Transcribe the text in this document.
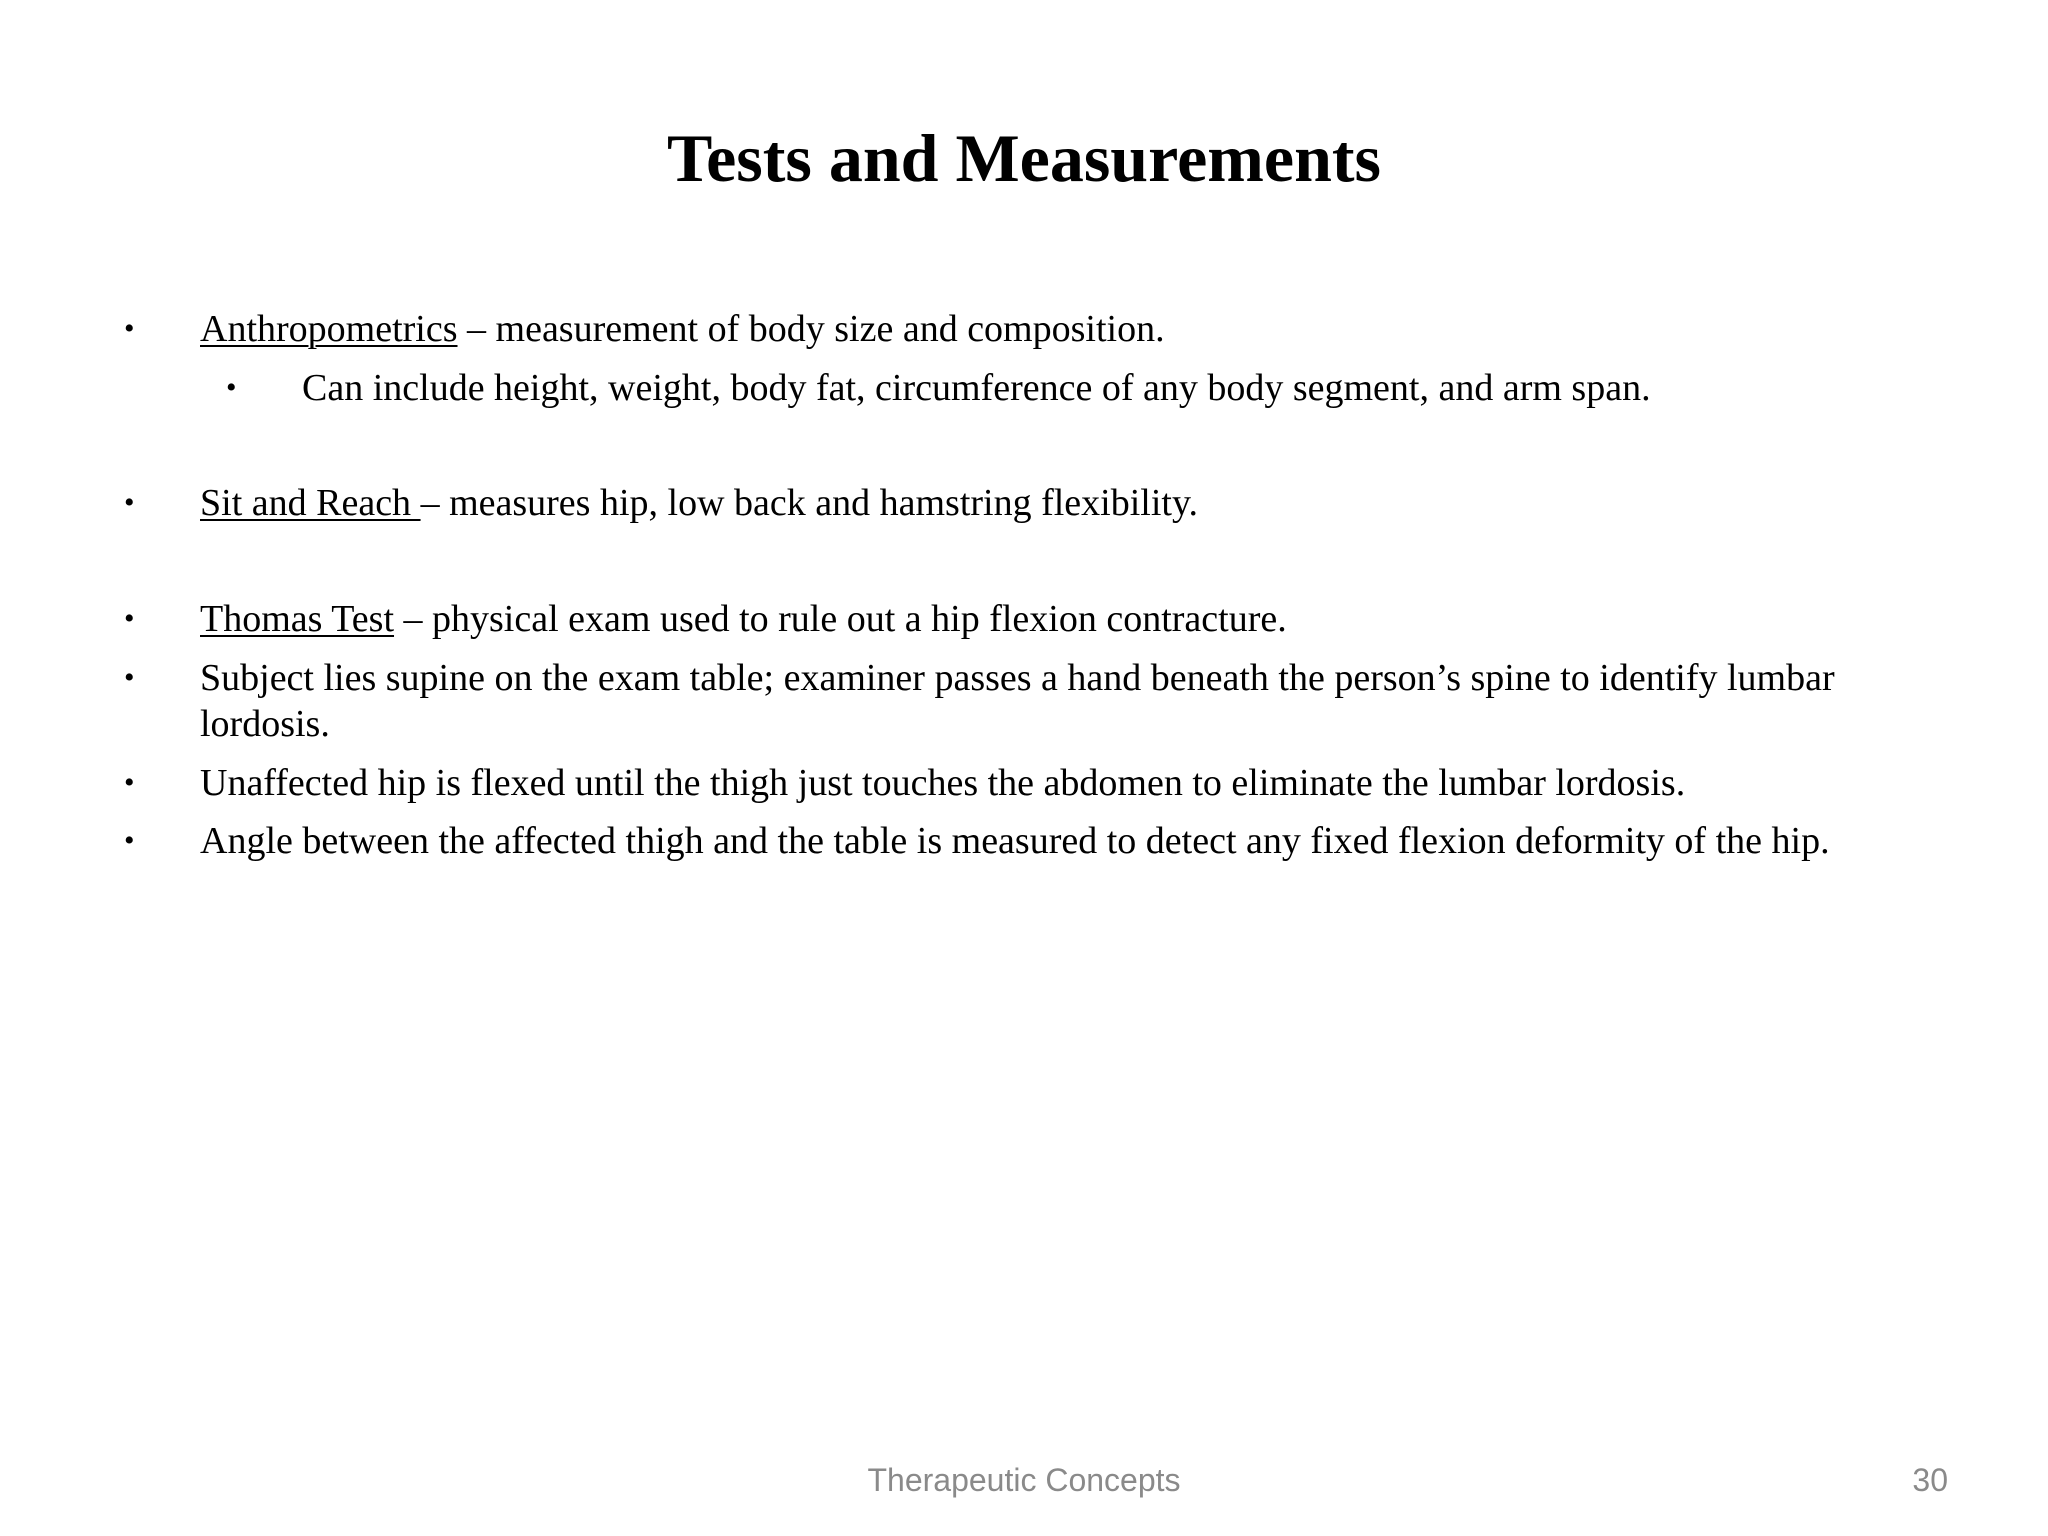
Tests and Measurements
• Anthropometrics – measurement of body size and composition.
• Can include height, weight, body fat, circumference of any body segment, and arm span.
• Sit and Reach – measures hip, low back and hamstring flexibility.
• Thomas Test – physical exam used to rule out a hip flexion contracture.
• Subject lies supine on the exam table; examiner passes a hand beneath the person’s spine to identify lumbar lordosis.
• Unaffected hip is flexed until the thigh just touches the abdomen to eliminate the lumbar lordosis.
• Angle between the affected thigh and the table is measured to detect any fixed flexion deformity of the hip.
Therapeutic Concepts	30
